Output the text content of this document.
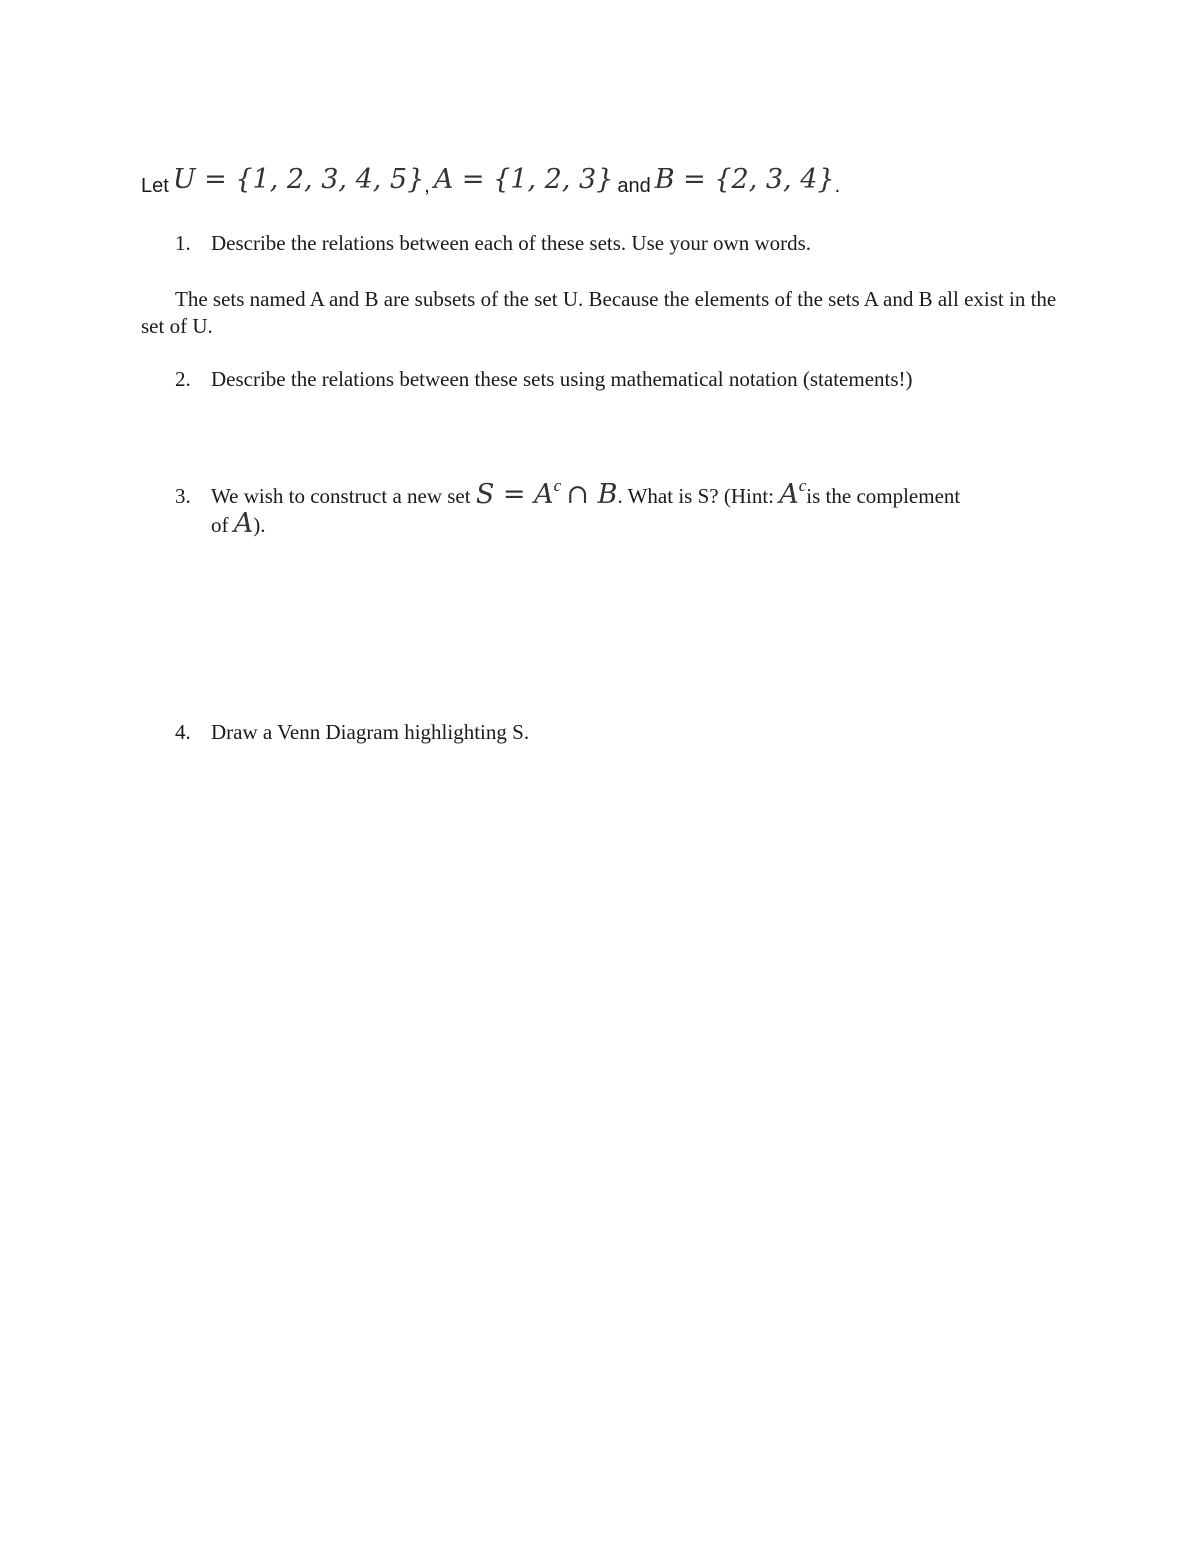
Let U = {1, 2, 3, 4, 5}, A = {1, 2, 3} and B = {2, 3, 4}.
1. Describe the relations between each of these sets. Use your own words.
The sets named A and B are subsets of the set U. Because the elements of the sets A and B all exist in the set of U.
2. Describe the relations between these sets using mathematical notation (statements!)
3. We wish to construct a new set $S = A^c$ ∩ B. What is S? (Hint: $A^cis$ the complement
of A).
4. Draw a Venn Diagram highlighting S.
